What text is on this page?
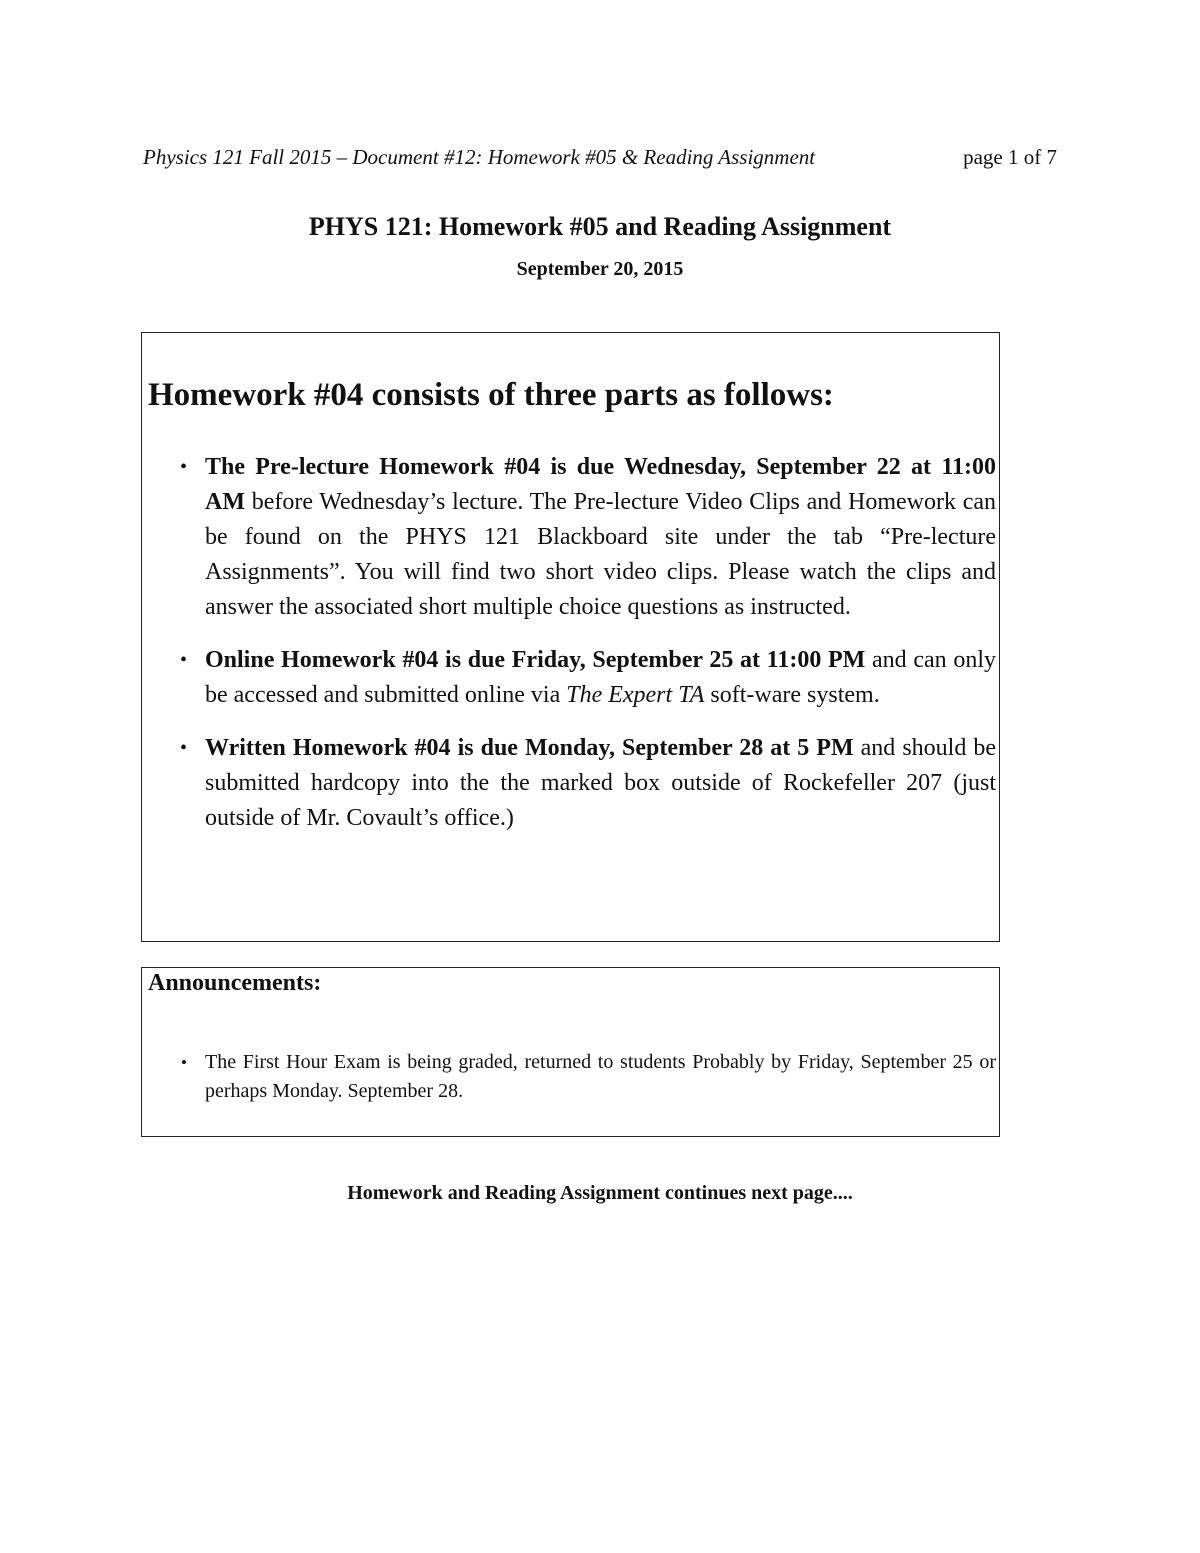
Physics 121 Fall 2015 – Document #12: Homework #05 & Reading Assignment	page 1 of 7
PHYS 121: Homework #05 and Reading Assignment
September 20, 2015
Homework #04 consists of three parts as follows:
• The Pre-lecture Homework #04 is due Wednesday, September 22 at 11:00 AM before Wednesday’s lecture. The Pre-lecture Video Clips and Homework can be found on the PHYS 121 Blackboard site under the tab “Pre-lecture Assignments”. You will find two short video clips. Please watch the clips and answer the associated short multiple choice questions as instructed.
• Online Homework #04 is due Friday, September 25 at 11:00 PM and can only be accessed and submitted online via The Expert TA soft-ware system.
• Written Homework #04 is due Monday, September 28 at 5 PM and should be submitted hardcopy into the the marked box outside of Rockefeller 207 (just outside of Mr. Covault’s office.)
Announcements:
• The First Hour Exam is being graded, returned to students Probably by Friday, September 25 or perhaps Monday. September 28.
Homework and Reading Assignment continues next page....
